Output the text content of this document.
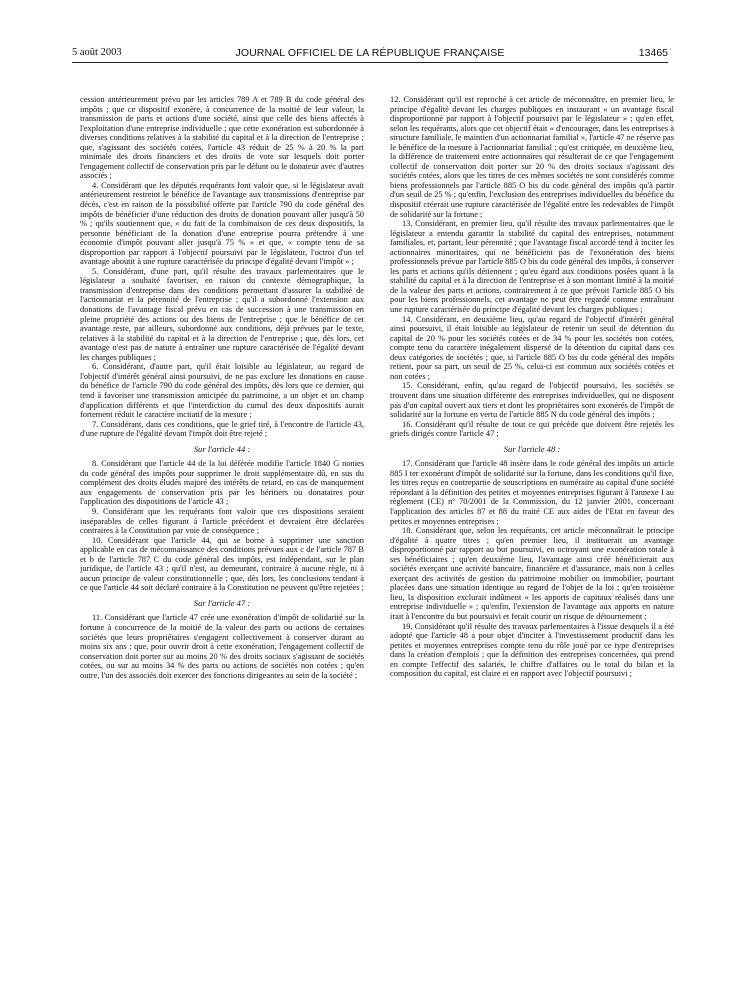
5 août 2003	JOURNAL OFFICIEL DE LA RÉPUBLIQUE FRANÇAISE	13465

cession antérieurement prévu par les articles 789 A et 789 B du code général des impôts ; que ce dispositif exonère, à concurrence de la moitié de leur valeur, la transmission de parts et actions d'une société, ainsi que celle des biens affectés à l'exploitation d'une entreprise individuelle ; que cette exonération est subordonnée à diverses conditions relatives à la stabilité du capital et à la direction de l'entreprise ; que, s'agissant des sociétés cotées, l'article 43 réduit de 25 % à 20 % la part minimale des droits financiers et des droits de vote sur lesquels doit porter l'engagement collectif de conservation pris par le défunt ou le donateur avec d'autres associés ;

4. Considérant que les députés requérants font valoir que, si le législateur avait antérieurement restreint le bénéfice de l'avantage aux transmissions d'entreprise par décès, c'est en raison de la possibilité offerte par l'article 790 du code général des impôts de bénéficier d'une réduction des droits de donation pouvant aller jusqu'à 50 % ; qu'ils soutiennent que, « du fait de la combinaison de ces deux dispositifs, la personne bénéficiant de la donation d'une entreprise pourra prétendre à une économie d'impôt pouvant aller jusqu'à 75 % » et que, « compte tenu de sa disproportion par rapport à l'objectif poursuivi par le législateur, l'octroi d'un tel avantage aboutit à une rupture caractérisée du principe d'égalité devant l'impôt » ;

5. Considérant, d'une part, qu'il résulte des travaux parlementaires que le législateur a souhaité favoriser, en raison du contexte démographique, la transmission d'entreprise dans des conditions permettant d'assurer la stabilité de l'actionnariat et la pérennité de l'entreprise ; qu'il a subordonné l'extension aux donations de l'avantage fiscal prévu en cas de succession à une transmission en pleine propriété des actions ou des biens de l'entreprise ; que le bénéfice de cet avantage reste, par ailleurs, subordonné aux conditions, déjà prévues par le texte, relatives à la stabilité du capital et à la direction de l'entreprise ; que, dès lors, cet avantage n'est pas de nature à entraîner une rupture caractérisée de l'égalité devant les charges publiques ;

6. Considérant, d'autre part, qu'il était loisible au législateur, au regard de l'objectif d'intérêt général ainsi poursuivi, de ne pas exclure les donations en cause du bénéfice de l'article 790 du code général des impôts, dès lors que ce dernier, qui tend à favoriser une transmission anticipée du patrimoine, a un objet et un champ d'application différents et que l'interdiction du cumul des deux dispositifs aurait fortement réduit le caractère incitatif de la mesure ;

7. Considérant, dans ces conditions, que le grief tiré, à l'encontre de l'article 43, d'une rupture de l'égalité devant l'impôt doit être rejeté ;

Sur l'article 44 :

8. Considérant que l'article 44 de la loi déférée modifie l'article 1840 G nonies du code général des impôts pour supprimer le droit supplémentaire dû, en sus du complément des droits éludés majoré des intérêts de retard, en cas de manquement aux engagements de conservation pris par les héritiers ou donataires pour l'application des dispositions de l'article 43 ;

9. Considérant que les requérants font valoir que ces dispositions seraient inséparables de celles figurant à l'article précédent et devraient être déclarées contraires à la Constitution par voie de conséquence ;

10. Considérant que l'article 44, qui se borne à supprimer une sanction applicable en cas de méconnaissance des conditions prévues aux c de l'article 787 B et b de l'article 787 C du code général des impôts, est indépendant, sur le plan juridique, de l'article 43 ; qu'il n'est, au demeurant, contraire à aucune règle, ni à aucun principe de valeur constitutionnelle ; que, dès lors, les conclusions tendant à ce que l'article 44 soit déclaré contraire à la Constitution ne peuvent qu'être rejetées ;

Sur l'article 47 :

11. Considérant que l'article 47 crée une exonération d'impôt de solidarité sur la fortune à concurrence de la moitié de la valeur des parts ou actions de certaines sociétés que leurs propriétaires s'engagent collectivement à conserver durant au moins six ans ; que, pour ouvrir droit à cette exonération, l'engagement collectif de conservation doit porter sur au moins 20 % des droits sociaux s'agissant de sociétés cotées, ou sur au moins 34 % des parts ou actions de sociétés non cotées ; qu'en outre, l'un des associés doit exercer des fonctions dirigeantes au sein de la société ;

12. Considérant qu'il est reproché à cet article de méconnaître, en premier lieu, le principe d'égalité devant les charges publiques en instaurant « un avantage fiscal disproportionné par rapport à l'objectif poursuivi par le législateur » ; qu'en effet, selon les requérants, alors que cet objectif était « d'encourager, dans les entreprises à structure familiale, le maintien d'un actionnariat familial », l'article 47 ne réserve pas le bénéfice de la mesure à l'actionnariat familial ; qu'est critiquée, en deuxième lieu, la différence de traitement entre actionnaires qui résulterait de ce que l'engagement collectif de conservation doit porter sur 20 % des droits sociaux s'agissant des sociétés cotées, alors que les titres de ces mêmes sociétés ne sont considérés comme biens professionnels par l'article 885 O bis du code général des impôts qu'à partir d'un seuil de 25 % ; qu'enfin, l'exclusion des entreprises individuelles du bénéfice du dispositif créerait une rupture caractérisée de l'égalité entre les redevables de l'impôt de solidarité sur la fortune ;

13. Considérant, en premier lieu, qu'il résulte des travaux parlementaires que le législateur a entendu garantir la stabilité du capital des entreprises, notamment familiales, et, partant, leur pérennité ; que l'avantage fiscal accordé tend à inciter les actionnaires minoritaires, qui ne bénéficient pas de l'exonération des biens professionnels prévue par l'article 885 O bis du code général des impôts, à conserver les parts et actions qu'ils détiennent ; qu'eu égard aux conditions posées quant à la stabilité du capital et à la direction de l'entreprise et à son montant limité à la moitié de la valeur des parts et actions, contrairement à ce que prévoit l'article 885 O bis pour les biens professionnels, cet avantage ne peut être regardé comme entraînant une rupture caractérisée du principe d'égalité devant les charges publiques ;

14. Considérant, en deuxième lieu, qu'au regard de l'objectif d'intérêt général ainsi poursuivi, il était loisible au législateur de retenir un seuil de détention du capital de 20 % pour les sociétés cotées et de 34 % pour les sociétés non cotées, compte tenu du caractère inégalement dispersé de la détention du capital dans ces deux catégories de sociétés ; que, si l'article 885 O bis du code général des impôts retient, pour sa part, un seuil de 25 %, celui-ci est commun aux sociétés cotées et non cotées ;

15. Considérant, enfin, qu'au regard de l'objectif poursuivi, les sociétés se trouvent dans une situation différente des entreprises individuelles, qui ne disposent pas d'un capital ouvert aux tiers et dont les propriétaires sont exonérés de l'impôt de solidarité sur la fortune en vertu de l'article 885 N du code général des impôts ;

16. Considérant qu'il résulte de tout ce qui précède que doivent être rejetés les griefs dirigés contre l'article 47 ;

Sur l'article 48 :

17. Considérant que l'article 48 insère dans le code général des impôts un article 885 I ter exonérant d'impôt de solidarité sur la fortune, dans les conditions qu'il fixe, les titres reçus en contrepartie de souscriptions en numéraire au capital d'une société répondant à la définition des petites et moyennes entreprises figurant à l'annexe I au règlement (CE) nº 70/2001 de la Commission, du 12 janvier 2001, concernant l'application des articles 87 et 88 du traité CE aux aides de l'Etat en faveur des petites et moyennes entreprises ;

18. Considérant que, selon les requérants, cet article méconnaîtrait le principe d'égalité à quatre titres ; qu'en premier lieu, il instituerait un avantage disproportionné par rapport au but poursuivi, en octroyant une exonération totale à ses bénéficiaires ; qu'en deuxième lieu, l'avantage ainsi créé bénéficierait aux sociétés exerçant une activité bancaire, financière et d'assurance, mais non à celles exerçant des activités de gestion du patrimoine mobilier ou immobilier, pourtant placées dans une situation identique au regard de l'objet de la loi ; qu'en troisième lieu, la disposition exclurait indûment « les apports de capitaux réalisés dans une entreprise individuelle » ; qu'enfin, l'extension de l'avantage aux apports en nature irait à l'encontre du but poursuivi et ferait courir un risque de détournement ;

19. Considérant qu'il résulte des travaux parlementaires à l'issue desquels il a été adopté que l'article 48 a pour objet d'inciter à l'investissement productif dans les petites et moyennes entreprises compte tenu du rôle joué par ce type d'entreprises dans la création d'emplois ; que la définition des entreprises concernées, qui prend en compte l'effectif des salariés, le chiffre d'affaires ou le total du bilan et la composition du capital, est claire et en rapport avec l'objectif poursuivi ;
